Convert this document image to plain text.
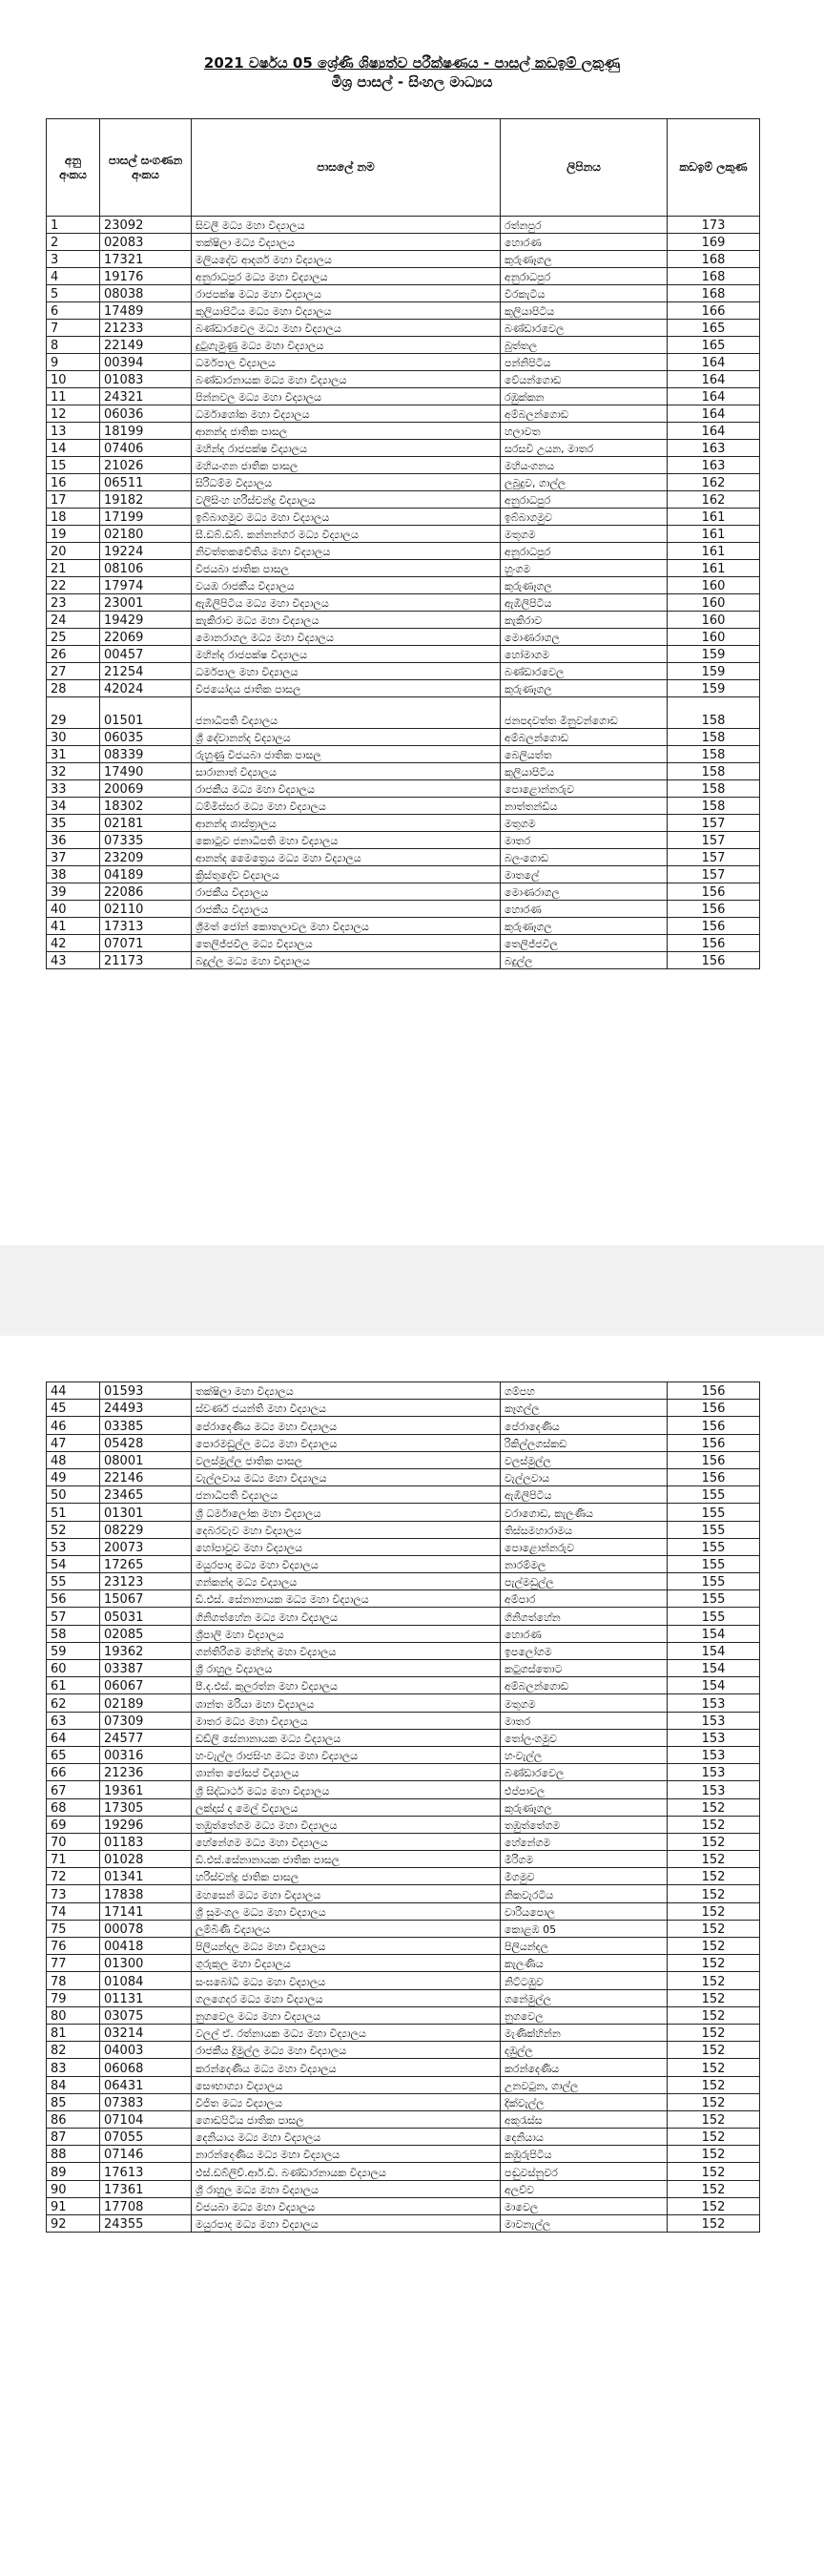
2021 වර්ෂය 05 ශ්‍රේණි ශිෂ්‍යත්ව පරීක්ෂණය - පාසල් කඩඉම් ලකුණු
මිශ්‍ර පාසල් - සිංහල මාධ්‍යය
අනු අංකය	පාසල් සංගණන අංකය	පාසලේ නම	ලිපිනය	කඩඉම් ලකුණ
1	23092	සිවලී මධ්‍ය මහා විද්‍යාලය	රත්නපුර	173
2	02083	තක්ෂිලා මධ්‍ය විද්‍යාලය	හොරණ	169
3	17321	මලියදේව ආදර්ශ මහා විද්‍යාලය	කුරුණෑගල	168
4	19176	අනුරාධපුර මධ්‍ය මහා විද්‍යාලය	අනුරාධපුර	168
5	08038	රාජපක්ෂ මධ්‍ය මහා විද්‍යාලය	වීරකැටිය	168
6	17489	කුලියාපිටිය මධ්‍ය මහා විද්‍යාලය	කුලියාපිටිය	166
7	21233	බණ්ඩාරවෙල මධ්‍ය මහා විද්‍යාලය	බණ්ඩාරවෙල	165
8	22149	දුටුගැමුණු මධ්‍ය මහා විද්‍යාලය	බුත්තල	165
9	00394	ධර්මපාල විද්‍යාලය	පන්නිපිටිය	164
10	01083	බණ්ඩාරනායක මධ්‍ය මහා විද්‍යාලය	වේයන්ගොඩ	164
11	24321	පින්නවල මධ්‍ය මහා විද්‍යාලය	රඹුක්කන	164
12	06036	ධර්මාශෝක මහා විද්‍යාලය	අම්බලන්ගොඩ	164
13	18199	ආනන්ද ජාතික පාසල	හලාවත	164
14	07406	මහින්ද රාජපක්ෂ විද්‍යාලය	සරසවි උයන, මාතර	163
15	21026	මහියංගන ජාතික පාසල	මහියංගනය	163
16	06511	සිරිධම්ම විද්‍යාලය	ලබුදුව, ගාල්ල	162
17	19182	වලිසිංහ හරිස්චන්ද්‍ර විද්‍යාලය	අනුරාධපුර	162
18	17199	ඉබ්බාගමුව මධ්‍ය මහා විද්‍යාලය	ඉබ්බාගමුව	161
19	02180	සී.ඩබ්.ඩබ්. කන්නන්ගර මධ්‍ය විද්‍යාලය	මතුගම	161
20	19224	නිවත්තකචේතිය මහා විද්‍යාලය	අනුරාධපුර	161
21	08106	විජයබා ජාතික පාසල	හුංගම	161
22	17974	වයඹ රාජකීය විද්‍යාලය	කුරුණෑගල	160
23	23001	ඇඹිලිපිටිය මධ්‍ය මහා විද්‍යාලය	ඇඹිලිපිටිය	160
24	19429	කැකිරාව මධ්‍ය මහා විද්‍යාලය	කැකිරාව	160
25	22069	මොනරාගල මධ්‍ය මහා විද්‍යාලය	මොණරාගල	160
26	00457	මහින්ද රාජපක්ෂ විද්‍යාලය	හෝමාගම	159
27	21254	ධර්මපාල මහා විද්‍යාලය	බණ්ඩාරවෙල	159
28	42024	විජයෝදය ජාතික පාසල	කුරුණෑගල	159
29	01501	ජනාධිපති විද්‍යාලය	ජනපදවත්ත මිනුවන්ගොඩ	158
30	06035	ශ්‍රී දේවානන්ද විද්‍යාලය	අම්බලන්ගොඩ	158
31	08339	රුහුණු විජයබා ජාතික පාසල	බෙලියත්ත	158
32	17490	සාරානාත් විද්‍යාලය	කුලියාපිටිය	158
33	20069	රාජකීය මධ්‍ය මහා විද්‍යාලය	පොළොන්නරුව	158
34	18302	ධම්මිස්සර මධ්‍ය මහා විද්‍යාලය	නාත්තන්ඩිය	158
35	02181	ආනන්ද ශාස්ත්‍රාලය	මතුගම	157
36	07335	කොටුව ජනාධිපති මහා විද්‍යාලය	මාතර	157
37	23209	ආනන්ද මෛත්‍රෙය මධ්‍ය මහා විද්‍යාලය	බලංගොඩ	157
38	04189	ක්‍රිස්තුදේව විද්‍යාලය	මාතලේ	157
39	22086	රාජකීය විද්‍යාලය	මොණරාගල	156
40	02110	රාජකීය විද්‍යාලය	හොරණ	156
41	17313	ශ්‍රීමත් ජෝන් කොතලාවල මහා විද්‍යාලය	කුරුණෑගල	156
42	07071	තෙලිජ්ජවිල මධ්‍ය විද්‍යාලය	තෙලිජ්ජවිල	156
43	21173	බදුල්ල මධ්‍ය මහා විද්‍යාලය	බදුල්ල	156
44	01593	තක්ෂිලා මහා විද්‍යාලය	ගම්පහ	156
45	24493	ස්වර්ණ ජයන්ති මහා විද්‍යාලය	කෑගල්ල	156
46	03385	පේරාදෙණිය මධ්‍ය මහා විද්‍යාලය	පේරාදෙණිය	156
47	05428	පොරමඩුල්ල මධ්‍ය මහා විද්‍යාලය	රිකිල්ලගස්කඩ	156
48	08001	වලස්මුල්ල ජාතික පාසල	වලස්මුල්ල	156
49	22146	වැල්ලවාය මධ්‍ය මහා විද්‍යාලය	වැල්ලවාය	156
50	23465	ජනාධිපති විද්‍යාලය	ඇඹිලිපිටිය	155
51	01301	ශ්‍රී ධර්මාලෝක මහා විද්‍යාලය	වරාගොඩ, කැලණිය	155
52	08229	දෙබරවැව මහා විද්‍යාලය	තිස්සමහාරාමය	155
53	20073	හෝපාවුව මහා විද්‍යාලය	පොළොන්නරුව	155
54	17265	මයුරපාද මධ්‍ය මහා විද්‍යාලය	නාරම්මල	155
55	23123	ගන්කන්ද මධ්‍ය විද්‍යාලය	පැල්මඩුල්ල	155
56	15067	ඩී.එස්. සේනානායක මධ්‍ය මහා විද්‍යාලය	අම්පාර	155
57	05031	ගිනිගත්හේන මධ්‍ය මහා විද්‍යාලය	ගිනිගත්හේන	155
58	02085	ශ්‍රීපාලි මහා විද්‍යාලය	හොරණ	154
59	19362	ගන්තිරිගම මහින්ද මහා විද්‍යාලය	ඉපලෝගම	154
60	03387	ශ්‍රී රාහුල විද්‍යාලය	කටුගස්තොට	154
61	06067	පී.ද.එස්. කුලරත්න මහා විද්‍යාලය	අම්බලන්ගොඩ	154
62	02189	ශාන්ත මරියා මහා විද්‍යාලය	මතුගම	153
63	07309	මාතර මධ්‍ය මහා විද්‍යාලය	මාතර	153
64	24577	ඩඩ්ලි සේනානායක මධ්‍ය විද්‍යාලය	තෝලංගමුව	153
65	00316	හංවැල්ල රාජසිංහ මධ්‍ය මහා විද්‍යාලය	හංවැල්ල	153
66	21236	ශාන්ත ජෝසප් විද්‍යාලය	බණ්ඩාරවෙල	153
67	19361	ශ්‍රී සිද්ධාර්ථ මධ්‍ය මහා විද්‍යාලය	එප්පාවල	153
68	17305	ලක්දාස් ද මෙල් විද්‍යාලය	කුරුණෑගල	152
69	19296	තඹුත්තේගම මධ්‍ය මහා විද්‍යාලය	තඹුත්තේගම	152
70	01183	හේනේගම මධ්‍ය මහා විද්‍යාලය	හේනේගම	152
71	01028	ඩී.එස්.සේනානායක ජාතික පාසල	මීරිගම	152
72	01341	හරිස්චන්ද්‍ර ජාතික පාසල	මීගමුව	152
73	17838	මහසෙන් මධ්‍ය මහා විද්‍යාලය	නිකවැරටිය	152
74	17141	ශ්‍රී සුමංගල මධ්‍ය මහා විද්‍යාලය	වාරියපොල	152
75	00078	ලුම්බිණි විද්‍යාලය	කොළඹ 05	152
76	00418	පිලියන්දල මධ්‍ය මහා විද්‍යාලය	පිලියන්දල	152
77	01300	ගුරුකුල මහා විද්‍යාලය	කැලණිය	152
78	01084	සංඝබෝධි මධ්‍ය මහා විද්‍යාලය	නිට්ටඹුව	152
79	01131	ගලගෙදර මධ්‍ය මහා විද්‍යාලය	ගනේමුල්ල	152
80	03075	නුගවෙල මධ්‍ය මහා විද්‍යාලය	නුගවෙල	152
81	03214	වලල් ඒ. රත්නායක මධ්‍ය මහා විද්‍යාලය	මැණික්හින්න	152
82	04003	රාජකීය ද්‍රිමුල්ල මධ්‍ය මහා විද්‍යාලය	දඹුල්ල	152
83	06068	කරන්දෙණිය මධ්‍ය මහා විද්‍යාලය	කරන්දෙණිය	152
84	06431	සෞභාග්‍යා විද්‍යාලය	උනවටුන, ගාල්ල	152
85	07383	විජිත මධ්‍ය විද්‍යාලය	දික්වැල්ල	152
86	07104	ගොඩපිටිය ජාතික පාසල	අකුරැස්ස	152
87	07055	දෙනියාය මධ්‍ය මහා විද්‍යාලය	දෙනියාය	152
88	07146	නාරන්දෙණිය මධ්‍ය මහා විද්‍යාලය	කඹුරුපිටිය	152
89	17613	එස්.ඩබ්ලිව්.ආර්.ඩී. බණ්ඩාරනායක විද්‍යාලය	පඬුවස්නුවර	152
90	17361	ශ්‍රී රාහුල මධ්‍ය මහා විද්‍යාලය	අලව්ව	152
91	17708	විජයබා මධ්‍ය මහා විද්‍යාලය	මාවෙල	152
92	24355	මයුරපාද මධ්‍ය මහා විද්‍යාලය	මාවනැල්ල	152
